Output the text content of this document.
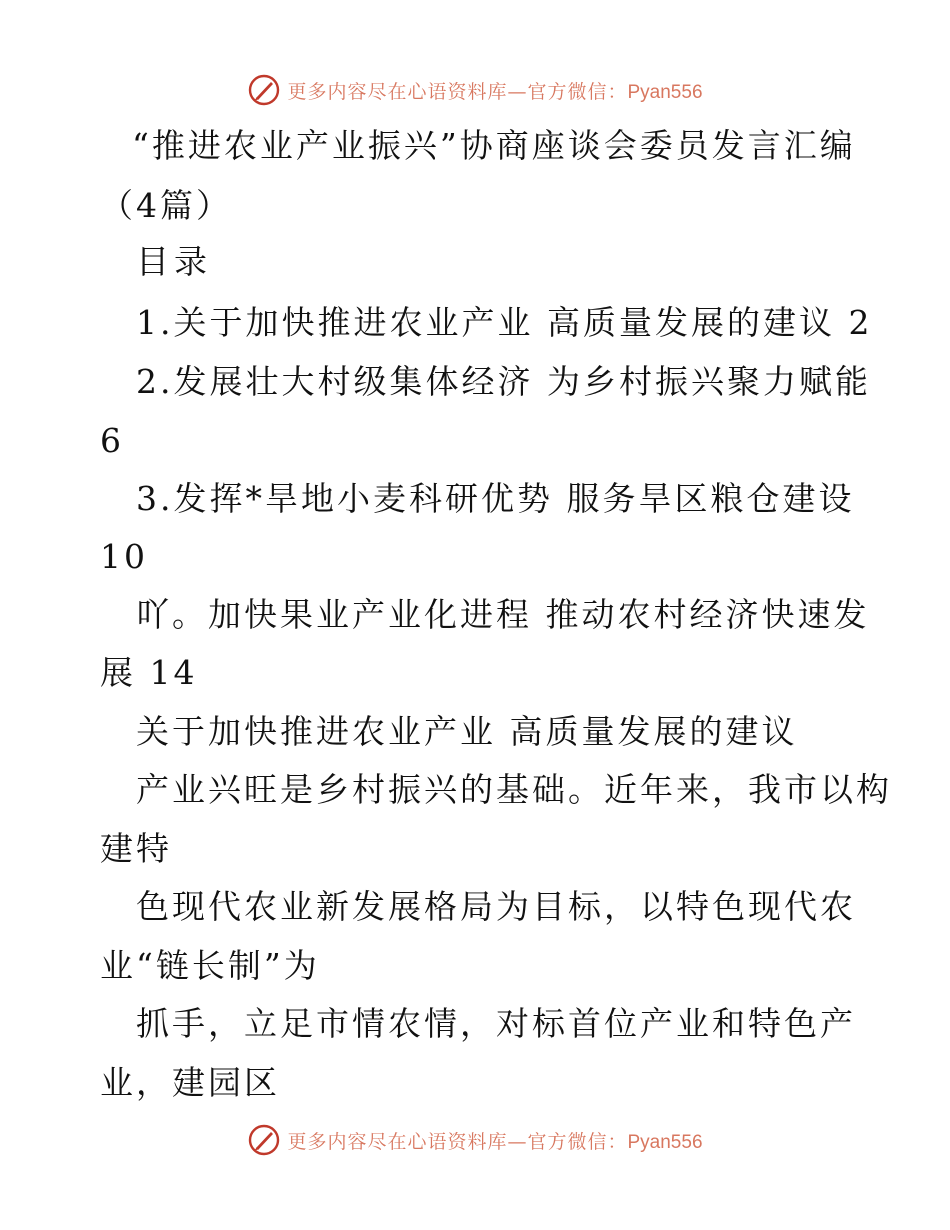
更多内容尽在心语资料库—官方微信：Pyan556
“推进农业产业振兴”协商座谈会委员发言汇编
（4篇）
目录
1.关于加快推进农业产业 高质量发展的建议 2
2.发展壮大村级集体经济 为乡村振兴聚力赋能
6
3.发挥*旱地小麦科研优势 服务旱区粮仓建设
10
吖。加快果业产业化进程 推动农村经济快速发
展 14
关于加快推进农业产业 高质量发展的建议
产业兴旺是乡村振兴的基础。近年来，我市以构
建特
色现代农业新发展格局为目标，以特色现代农
业“链长制”为
抓手，立足市情农情，对标首位产业和特色产
业，建园区
更多内容尽在心语资料库—官方微信：Pyan556
